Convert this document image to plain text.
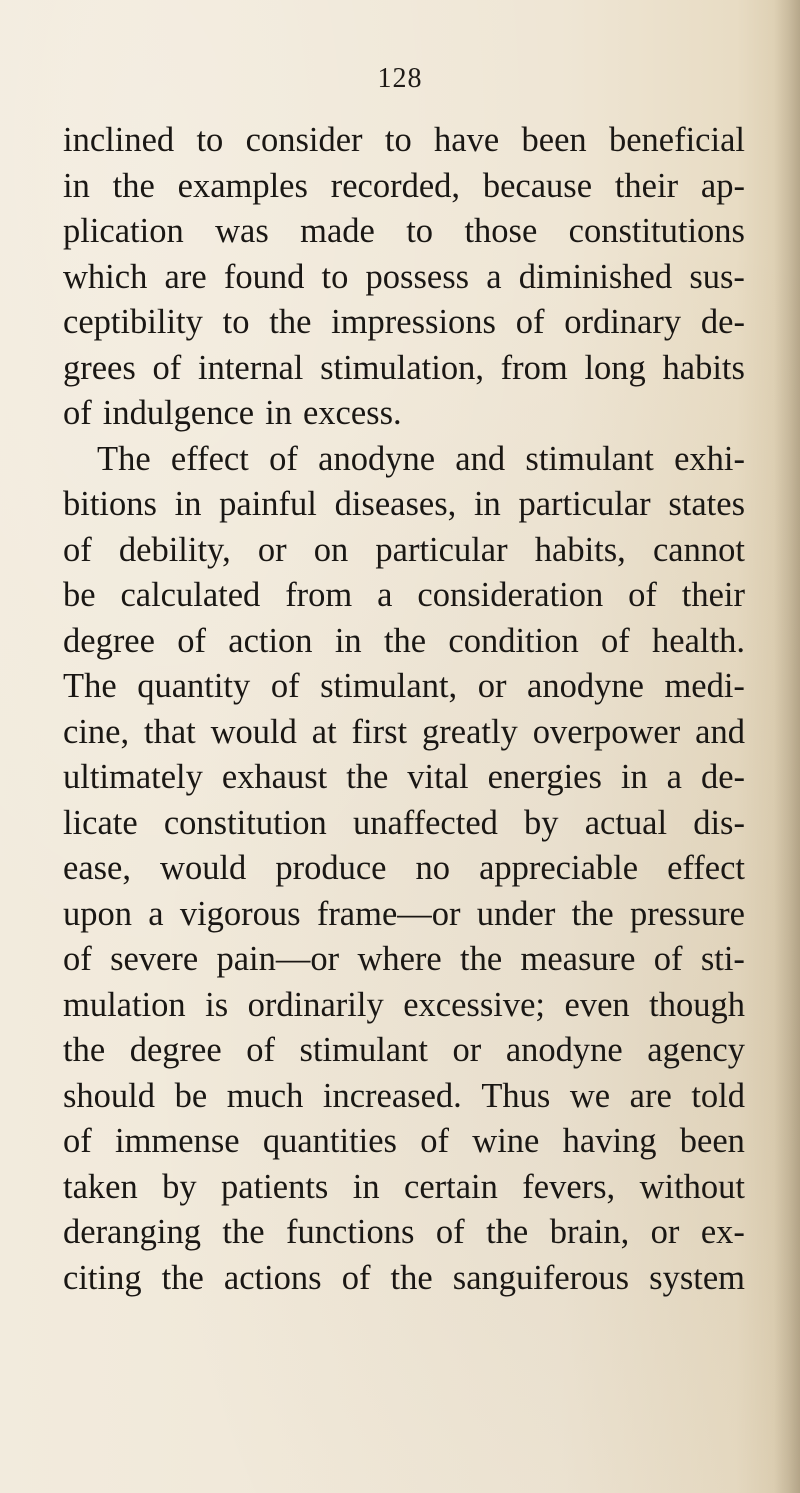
128
inclined to consider to have been beneficial
in the examples recorded, because their ap-
plication was made to those constitutions
which are found to possess a diminished sus-
ceptibility to the impressions of ordinary de-
grees of internal stimulation, from long habits
of indulgence in excess.
The effect of anodyne and stimulant exhi-
bitions in painful diseases, in particular states
of debility, or on particular habits, cannot
be calculated from a consideration of their
degree of action in the condition of health.
The quantity of stimulant, or anodyne medi-
cine, that would at first greatly overpower and
ultimately exhaust the vital energies in a de-
licate constitution unaffected by actual dis-
ease, would produce no appreciable effect
upon a vigorous frame—or under the pressure
of severe pain—or where the measure of sti-
mulation is ordinarily excessive; even though
the degree of stimulant or anodyne agency
should be much increased. Thus we are told
of immense quantities of wine having been
taken by patients in certain fevers, without
deranging the functions of the brain, or ex-
citing the actions of the sanguiferous system
